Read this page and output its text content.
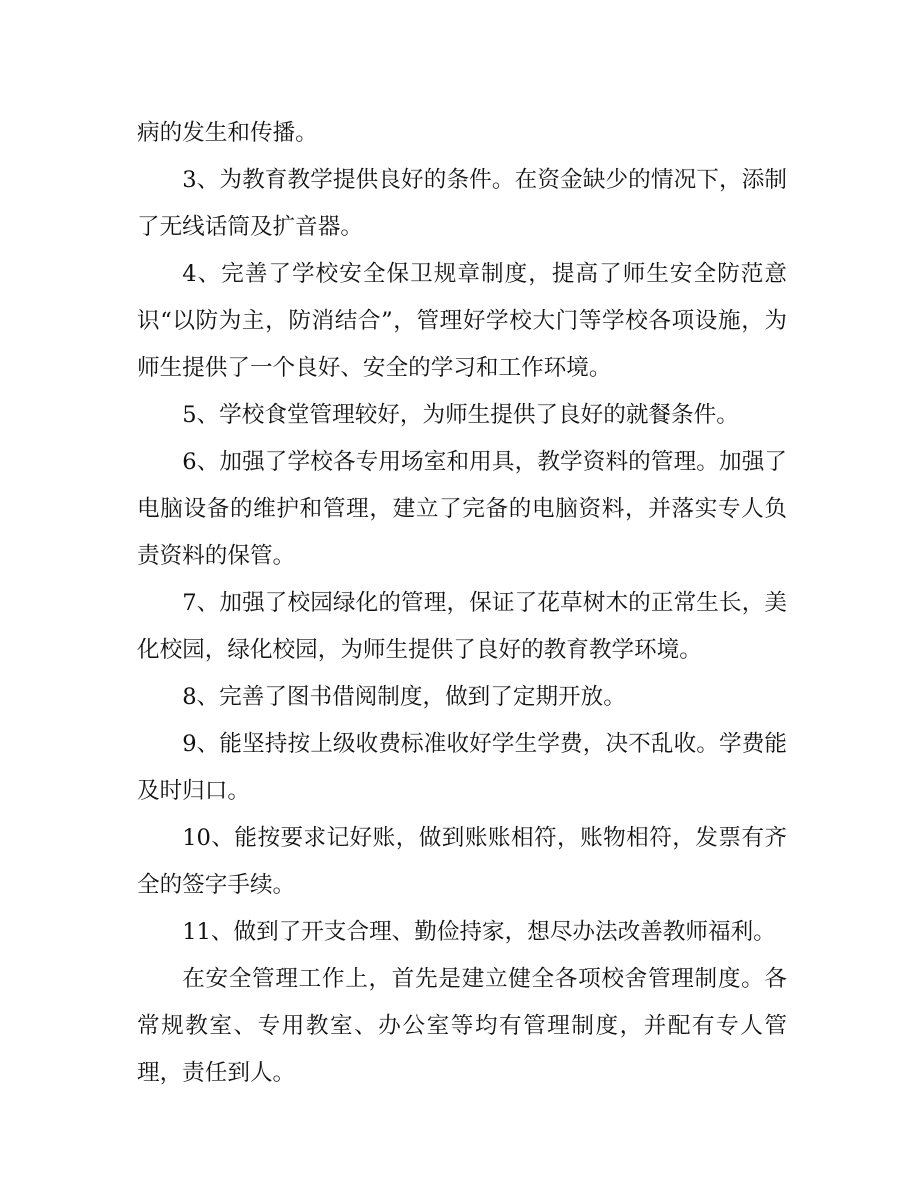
病的发生和传播。

3、为教育教学提供良好的条件。在资金缺少的情况下，添制了无线话筒及扩音器。

4、完善了学校安全保卫规章制度，提高了师生安全防范意识“以防为主，防消结合”，管理好学校大门等学校各项设施，为师生提供了一个良好、安全的学习和工作环境。

5、学校食堂管理较好，为师生提供了良好的就餐条件。

6、加强了学校各专用场室和用具，教学资料的管理。加强了电脑设备的维护和管理，建立了完备的电脑资料，并落实专人负责资料的保管。

7、加强了校园绿化的管理，保证了花草树木的正常生长，美化校园，绿化校园，为师生提供了良好的教育教学环境。

8、完善了图书借阅制度，做到了定期开放。

9、能坚持按上级收费标准收好学生学费，决不乱收。学费能及时归口。

10、能按要求记好账，做到账账相符，账物相符，发票有齐全的签字手续。

11、做到了开支合理、勤俭持家，想尽办法改善教师福利。

在安全管理工作上，首先是建立健全各项校舍管理制度。各常规教室、专用教室、办公室等均有管理制度，并配有专人管理，责任到人。
